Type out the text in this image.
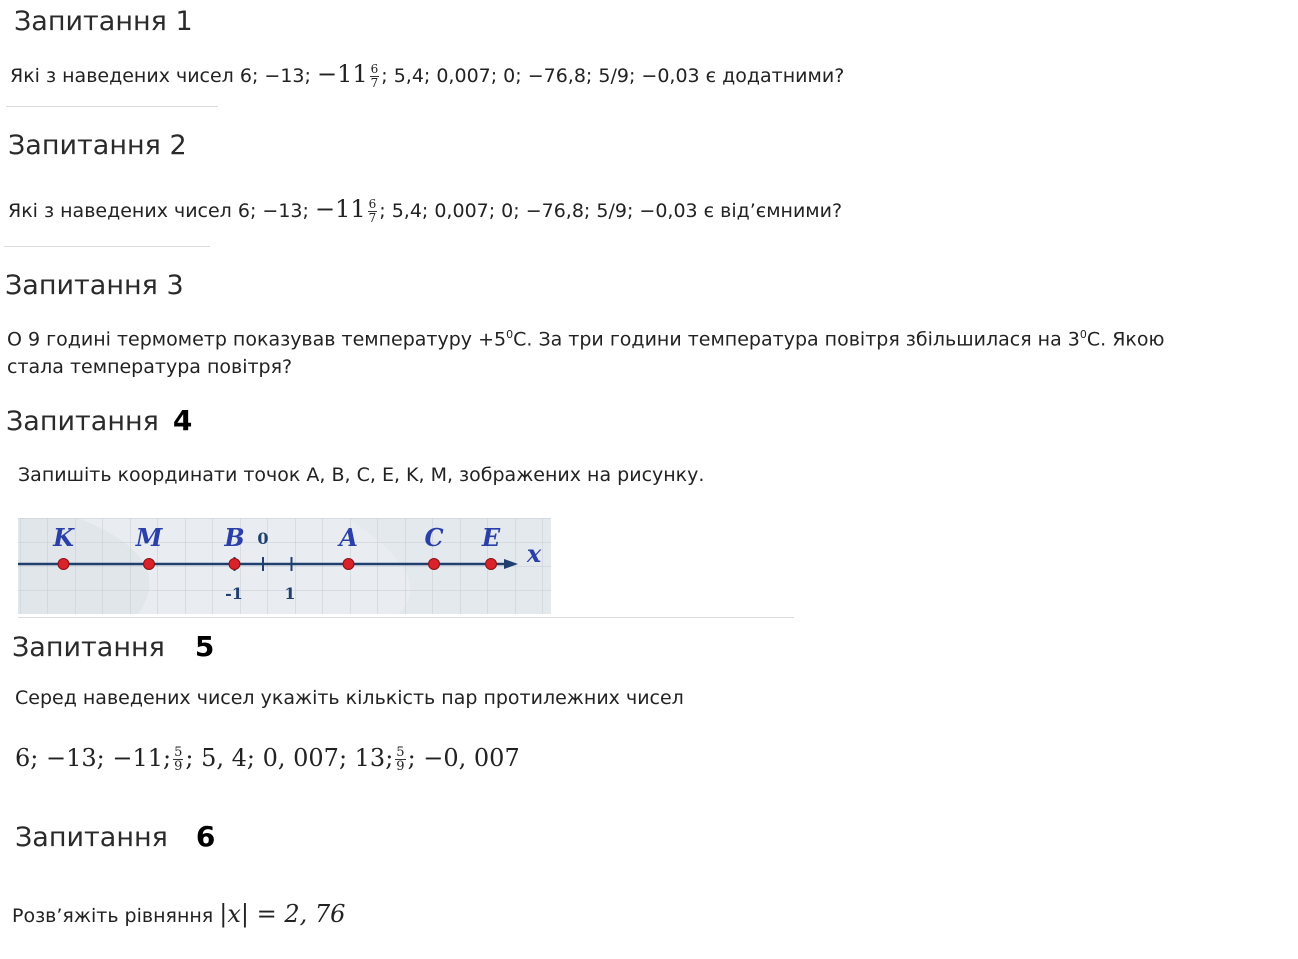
Запитання 1
Які з наведених чисел 6; −13; $-11 \frac{6}{7}$ ; 5,4; 0,007; 0; −76,8; 5/9; −0,03 є додатними?
Запитання 2
Які з наведених чисел 6; −13; $-11 \frac{6}{7}$ ; 5,4; 0,007; 0; −76,8; 5/9; −0,03 є від’ємними?
Запитання 3
О 9 годині термометр показував температуру $+5^0C$. За три години температура повітря збільшилася на $3^0C$. Якою
стала температура повітря?
Запитання 4
Запишіть координати точок A, B, C, E, K, M, зображених на рисунку.
K	M	B	A	C E
0
-1	1
x
Запитання 5
Серед наведених чисел укажіть кількість пар протилежних чисел
6; −13; −11; $\frac{5}{9}$ ; 5, 4; 0, 007; 13; $\frac{5}{9}$ ; −0, 007
Запитання 6
Розв’яжіть рівняння |x| = 2, 76
